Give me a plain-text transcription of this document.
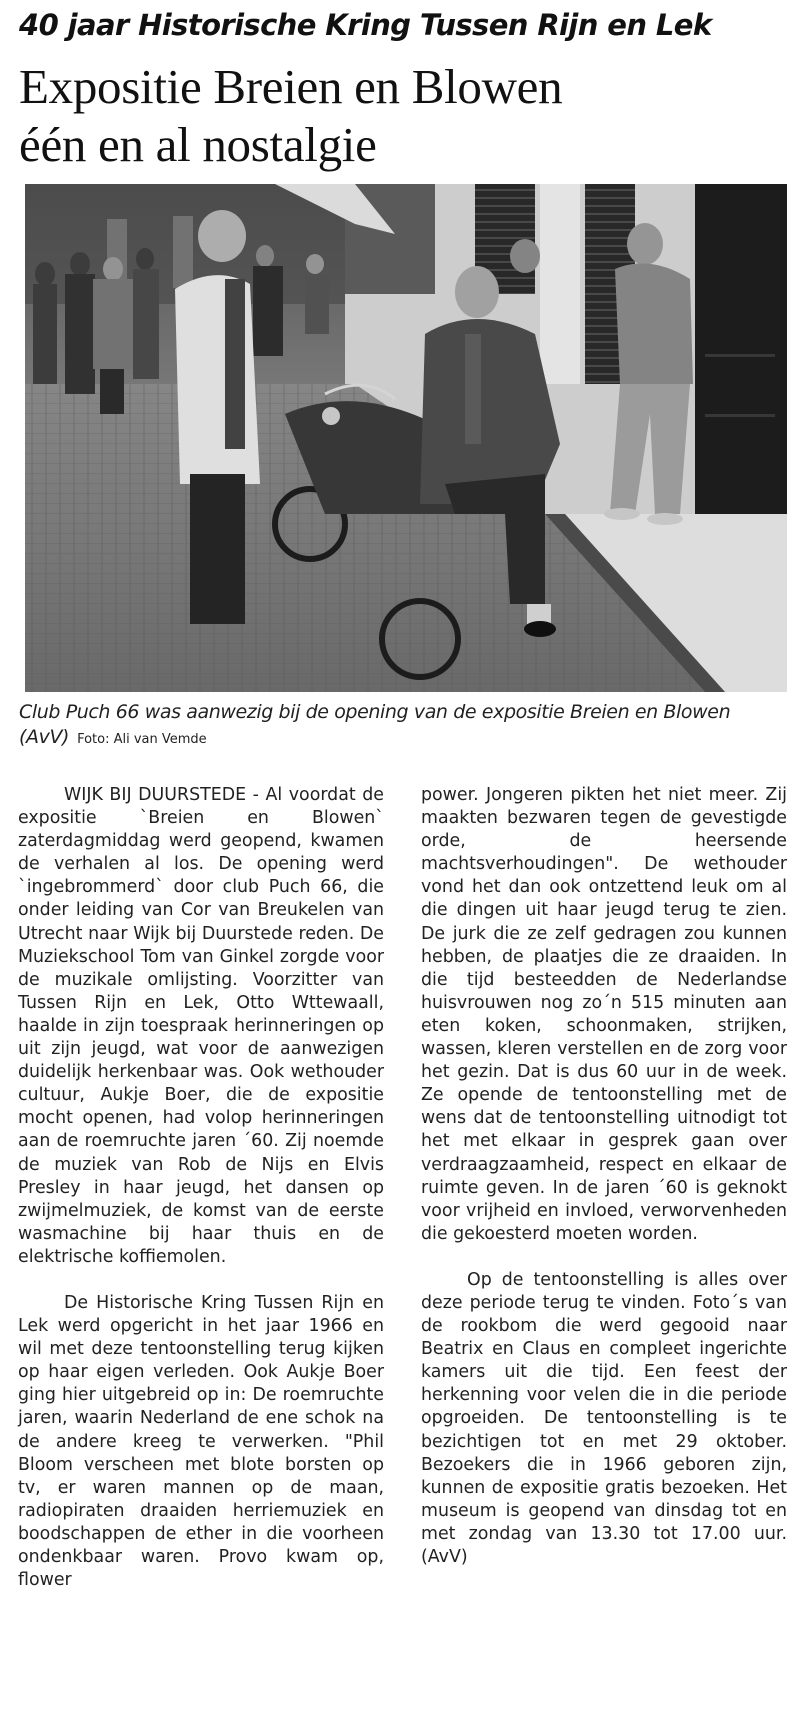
40 jaar Historische Kring Tussen Rijn en Lek
Expositie Breien en Blowen
één en al nostalgie
Club Puch 66 was aanwezig bij de opening van de expositie Breien en Blowen (AvV) Foto: Ali van Vemde

WIJK BIJ DUURSTEDE - Al voordat de expositie `Breien en Blowen` zaterdagmiddag werd geopend, kwamen de verhalen al los. De opening werd `ingebrommerd` door club Puch 66, die onder leiding van Cor van Breukelen van Utrecht naar Wijk bij Duurstede reden. De Muziekschool Tom van Ginkel zorgde voor de muzikale omlijsting. Voorzitter van Tussen Rijn en Lek, Otto Wttewaall, haalde in zijn toespraak herinneringen op uit zijn jeugd, wat voor de aanwezigen duidelijk herkenbaar was. Ook wethouder cultuur, Aukje Boer, die de expositie mocht openen, had volop herinneringen aan de roemruchte jaren ´60. Zij noemde de muziek van Rob de Nijs en Elvis Presley in haar jeugd, het dansen op zwijmelmuziek, de komst van de eerste wasmachine bij haar thuis en de elektrische koffiemolen.

De Historische Kring Tussen Rijn en Lek werd opgericht in het jaar 1966 en wil met deze tentoonstelling terug kijken op haar eigen verleden. Ook Aukje Boer ging hier uitgebreid op in: De roemruchte jaren, waarin Nederland de ene schok na de andere kreeg te verwerken. "Phil Bloom verscheen met blote borsten op tv, er waren mannen op de maan, radiopiraten draaiden herriemuziek en boodschappen de ether in die voorheen ondenkbaar waren. Provo kwam op, flower

power. Jongeren pikten het niet meer. Zij maakten bezwaren tegen de gevestigde orde, de heersende machtsverhoudingen". De wethouder vond het dan ook ontzettend leuk om al die dingen uit haar jeugd terug te zien. De jurk die ze zelf gedragen zou kunnen hebben, de plaatjes die ze draaiden. In die tijd besteedden de Nederlandse huisvrouwen nog zo´n 515 minuten aan eten koken, schoonmaken, strijken, wassen, kleren verstellen en de zorg voor het gezin. Dat is dus 60 uur in de week. Ze opende de tentoonstelling met de wens dat de tentoonstelling uitnodigt tot het met elkaar in gesprek gaan over verdraagzaamheid, respect en elkaar de ruimte geven. In de jaren ´60 is geknokt voor vrijheid en invloed, verworvenheden die gekoesterd moeten worden.

Op de tentoonstelling is alles over deze periode terug te vinden. Foto´s van de rookbom die werd gegooid naar Beatrix en Claus en compleet ingerichte kamers uit die tijd. Een feest der herkenning voor velen die in die periode opgroeiden. De tentoonstelling is te bezichtigen tot en met 29 oktober. Bezoekers die in 1966 geboren zijn, kunnen de expositie gratis bezoeken. Het museum is geopend van dinsdag tot en met zondag van 13.30 tot 17.00 uur. (AvV)
